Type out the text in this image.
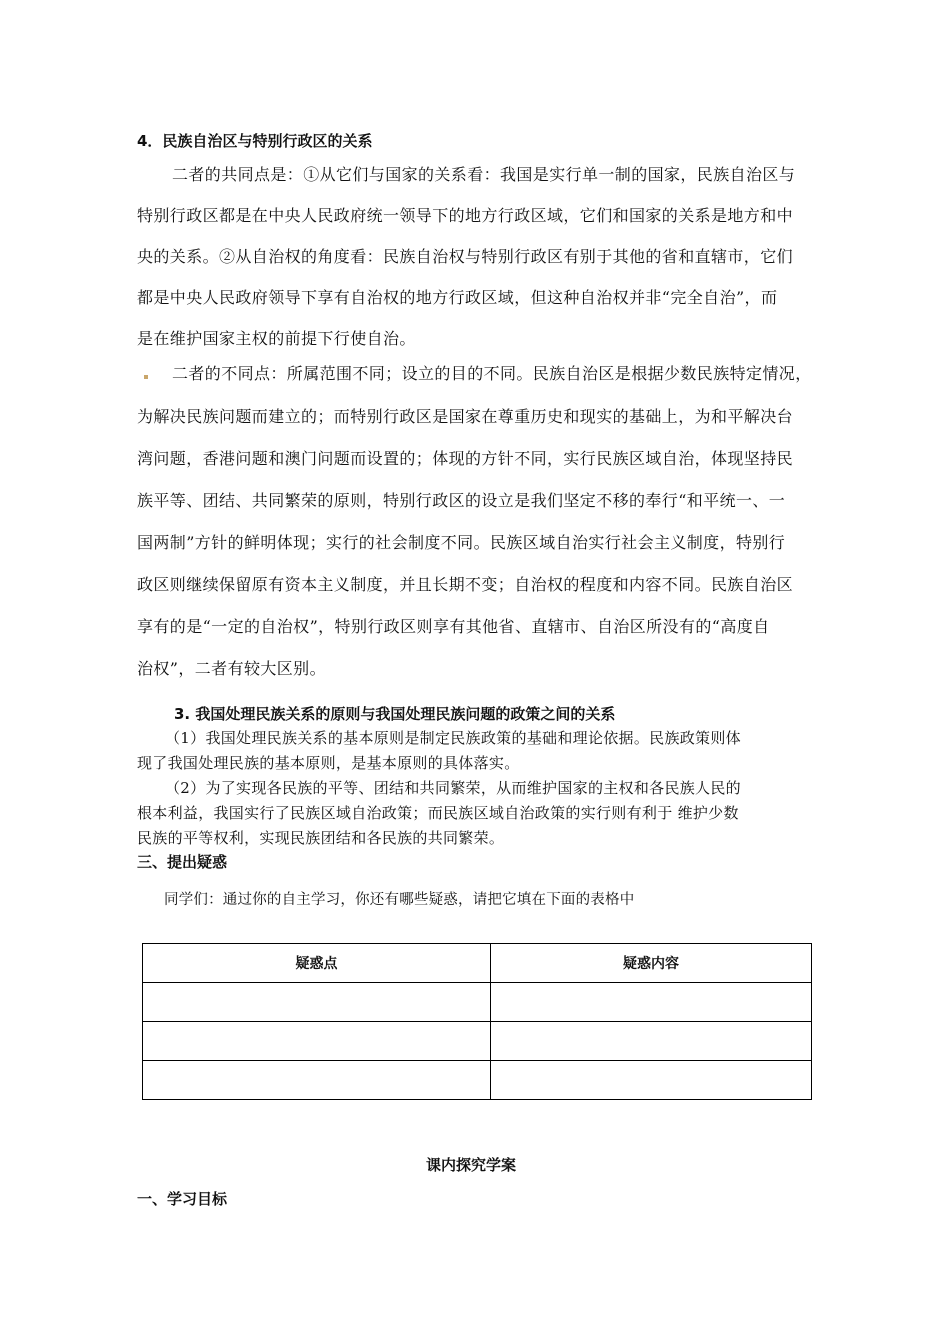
4．民族自治区与特别行政区的关系
二者的共同点是：①从它们与国家的关系看：我国是实行单一制的国家，民族自治区与
特别行政区都是在中央人民政府统一领导下的地方行政区域，它们和国家的关系是地方和中
央的关系。②从自治权的角度看：民族自治权与特别行政区有别于其他的省和直辖市，它们
都是中央人民政府领导下享有自治权的地方行政区域，但这种自治权并非“完全自治”，而
是在维护国家主权的前提下行使自治。
二者的不同点：所属范围不同；设立的目的不同。民族自治区是根据少数民族特定情况，
为解决民族问题而建立的；而特别行政区是国家在尊重历史和现实的基础上，为和平解决台
湾问题，香港问题和澳门问题而设置的；体现的方针不同，实行民族区域自治，体现坚持民
族平等、团结、共同繁荣的原则，特别行政区的设立是我们坚定不移的奉行“和平统一、一
国两制”方针的鲜明体现；实行的社会制度不同。民族区域自治实行社会主义制度，特别行
政区则继续保留原有资本主义制度，并且长期不变；自治权的程度和内容不同。民族自治区
享有的是“一定的自治权”，特别行政区则享有其他省、直辖市、自治区所没有的“高度自
治权”，二者有较大区别。
3. 我国处理民族关系的原则与我国处理民族问题的政策之间的关系
（1）我国处理民族关系的基本原则是制定民族政策的基础和理论依据。民族政策则体
现了我国处理民族的基本原则，是基本原则的具体落实。
（2）为了实现各民族的平等、团结和共同繁荣，从而维护国家的主权和各民族人民的
根本利益，我国实行了民族区域自治政策；而民族区域自治政策的实行则有利于 维护少数
民族的平等权利，实现民族团结和各民族的共同繁荣。
三、提出疑惑
同学们：通过你的自主学习，你还有哪些疑惑，请把它填在下面的表格中
疑惑点	疑惑内容

课内探究学案
一、学习目标
